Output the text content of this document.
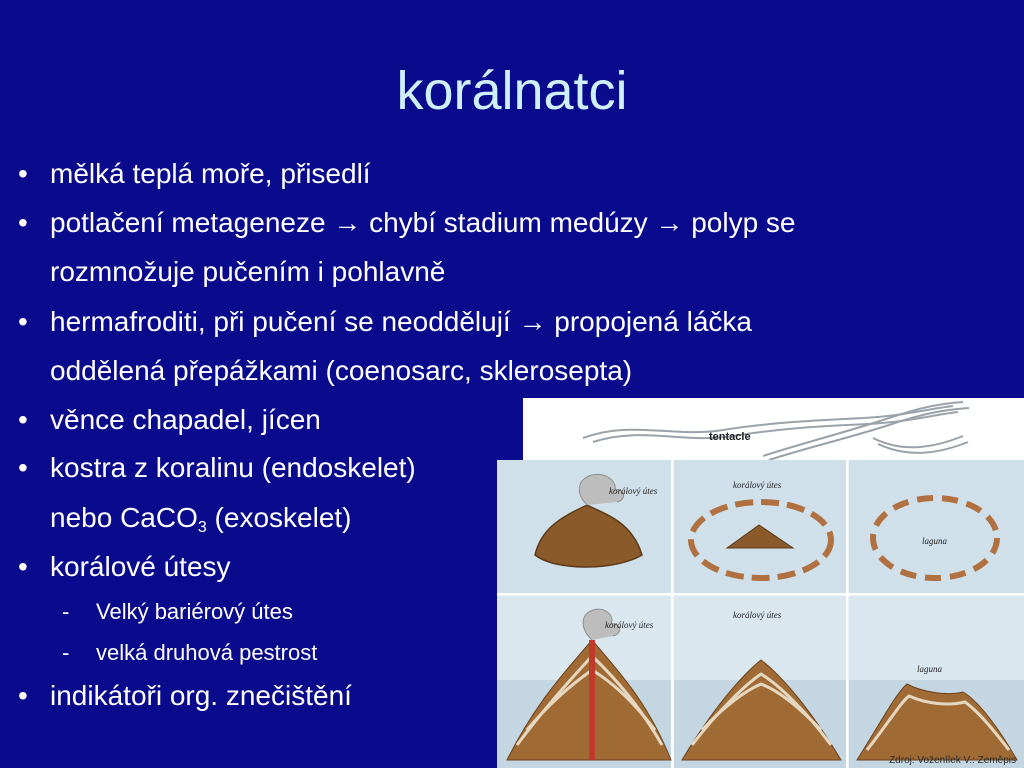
korálnatci
• mělká teplá moře, přisedlí
• potlačení metageneze → chybí stadium medúzy → polyp se
rozmnožuje pučením i pohlavně
• hermafroditi, při pučení se neoddělují → propojená láčka
oddělená přepážkami (coenosarc, sklerosepta)
• věnce chapadel, jícen
• kostra z koralinu (endoskelet)
nebo CaCO$_3$ (exoskelet)
• korálové útesy
- Velký bariérový útes
- velká druhová pestrost
• indikátoři org. znečištění
tentacle
korálový útes
korálový útes
laguna
korálový útes
korálový útes
laguna
Zdroj: Voženílek V.: Zeměpis
